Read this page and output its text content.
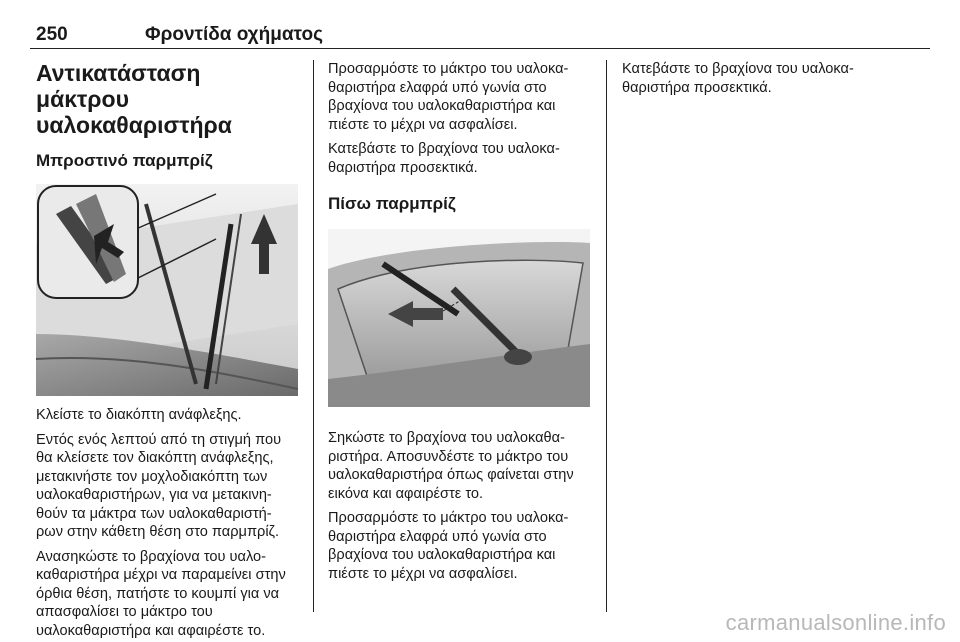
250	Φροντίδα οχήματος
Αντικατάσταση μάκτρου υαλοκαθαριστήρα
Μπροστινό παρμπρίζ

Κλείστε το διακόπτη ανάφλεξης.

Εντός ενός λεπτού από τη στιγμή που θα κλείσετε τον διακόπτη ανάφλεξης, μετακινήστε τον μοχλοδιακόπτη των υαλοκαθαριστήρων, για να μετακινη- θούν τα μάκτρα των υαλοκαθαριστή- ρων στην κάθετη θέση στο παρμπρίζ.

Ανασηκώστε το βραχίονα του υαλο- καθαριστήρα μέχρι να παραμείνει στην όρθια θέση, πατήστε το κουμπί για να απασφαλίσει το μάκτρο του υαλοκαθαριστήρα και αφαιρέστε το.

Προσαρμόστε το μάκτρο του υαλοκα- θαριστήρα ελαφρά υπό γωνία στο βραχίονα του υαλοκαθαριστήρα και πιέστε το μέχρι να ασφαλίσει.

Κατεβάστε το βραχίονα του υαλοκα- θαριστήρα προσεκτικά.

Πίσω παρμπρίζ

Σηκώστε το βραχίονα του υαλοκαθα- ριστήρα. Αποσυνδέστε το μάκτρο του υαλοκαθαριστήρα όπως φαίνεται στην εικόνα και αφαιρέστε το.

Προσαρμόστε το μάκτρο του υαλοκα- θαριστήρα ελαφρά υπό γωνία στο βραχίονα του υαλοκαθαριστήρα και πιέστε το μέχρι να ασφαλίσει.

Κατεβάστε το βραχίονα του υαλοκα- θαριστήρα προσεκτικά.

carmanualsonline.info
